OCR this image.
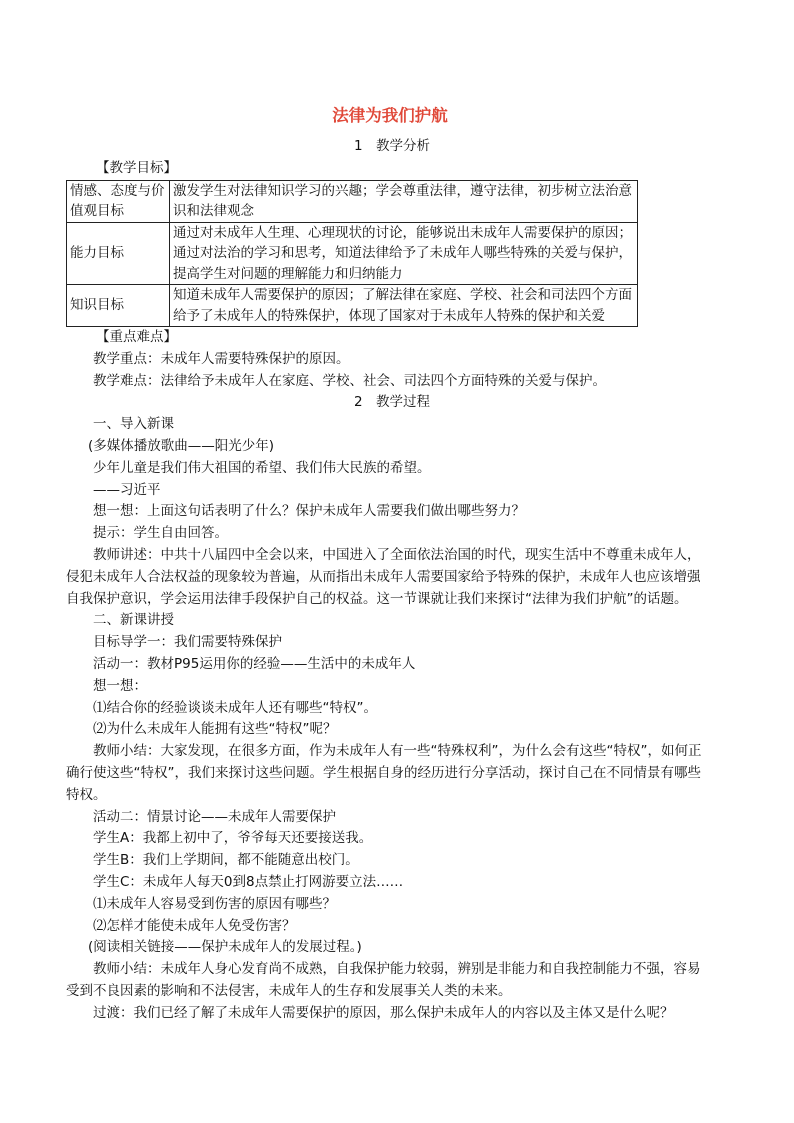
法律为我们护航

1　教学分析

【教学目标】

情感、态度与价值观目标	激发学生对法律知识学习的兴趣；学会尊重法律，遵守法律，初步树立法治意识和法律观念
能力目标	通过对未成年人生理、心理现状的讨论，能够说出未成年人需要保护的原因；通过对法治的学习和思考，知道法律给予了未成年人哪些特殊的关爱与保护，提高学生对问题的理解能力和归纳能力
知识目标	知道未成年人需要保护的原因；了解法律在家庭、学校、社会和司法四个方面给予了未成年人的特殊保护，体现了国家对于未成年人特殊的保护和关爱

【重点难点】

教学重点：未成年人需要特殊保护的原因。

教学难点：法律给予未成年人在家庭、学校、社会、司法四个方面特殊的关爱与保护。

2　教学过程

一、导入新课

(多媒体播放歌曲——阳光少年)

少年儿童是我们伟大祖国的希望、我们伟大民族的希望。

——习近平

想一想：上面这句话表明了什么？保护未成年人需要我们做出哪些努力？

提示：学生自由回答。

教师讲述：中共十八届四中全会以来，中国进入了全面依法治国的时代，现实生活中不尊重未成年人，侵犯未成年人合法权益的现象较为普遍，从而指出未成年人需要国家给予特殊的保护，未成年人也应该增强自我保护意识，学会运用法律手段保护自己的权益。这一节课就让我们来探讨“法律为我们护航”的话题。

二、新课讲授

目标导学一：我们需要特殊保护

活动一：教材P95运用你的经验——生活中的未成年人

想一想：

⑴结合你的经验谈谈未成年人还有哪些“特权”。

⑵为什么未成年人能拥有这些“特权”呢？

教师小结：大家发现，在很多方面，作为未成年人有一些“特殊权利”，为什么会有这些“特权”，如何正确行使这些“特权”，我们来探讨这些问题。学生根据自身的经历进行分享活动，探讨自己在不同情景有哪些特权。

活动二：情景讨论——未成年人需要保护

学生A：我都上初中了，爷爷每天还要接送我。

学生B：我们上学期间，都不能随意出校门。

学生C：未成年人每天0到8点禁止打网游要立法……

⑴未成年人容易受到伤害的原因有哪些？

⑵怎样才能使未成年人免受伤害？

(阅读相关链接——保护未成年人的发展过程。)

教师小结：未成年人身心发育尚不成熟，自我保护能力较弱，辨别是非能力和自我控制能力不强，容易受到不良因素的影响和不法侵害，未成年人的生存和发展事关人类的未来。

过渡：我们已经了解了未成年人需要保护的原因，那么保护未成年人的内容以及主体又是什么呢？
